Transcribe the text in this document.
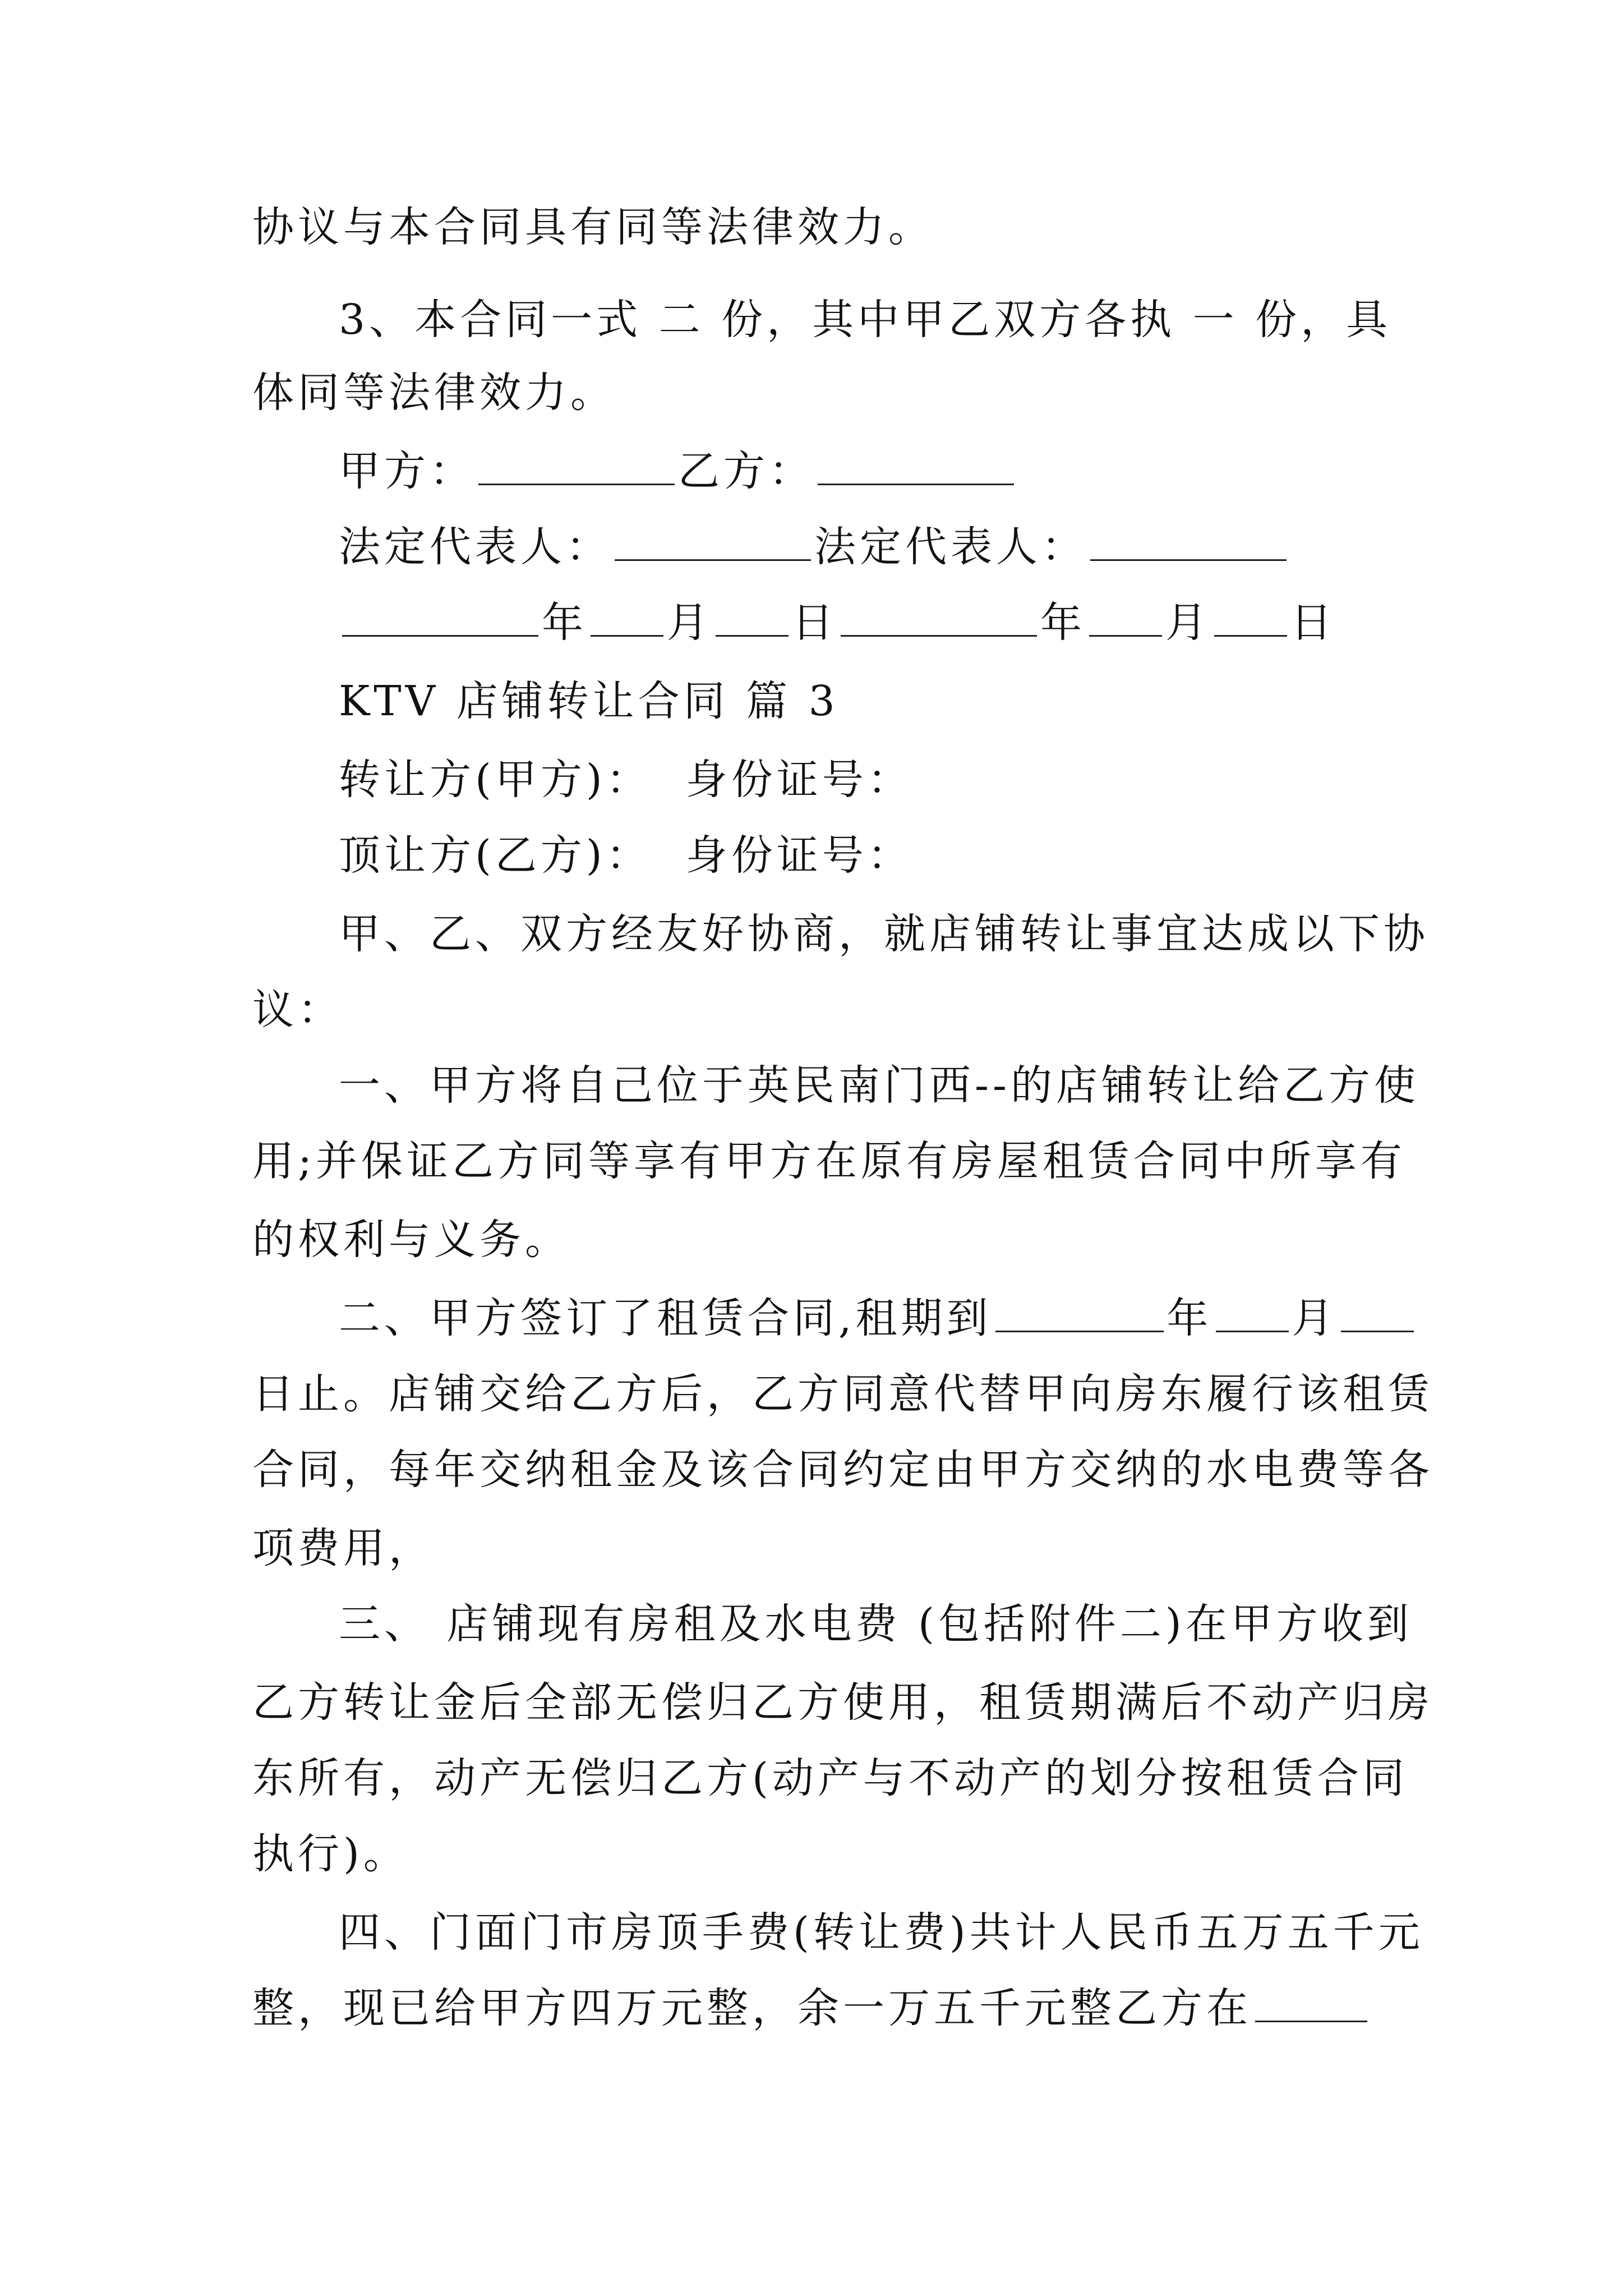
协议与本合同具有同等法律效力。

3、本合同一式 二 份，其中甲乙双方各执 一 份，具

体同等法律效力。

甲方：	乙方：

法定代表人：	法定代表人：

年 月 日	年 月 日

KTV 店铺转让合同 篇 3

转让方(甲方)：  身份证号：

顶让方(乙方)：  身份证号：

甲、乙、双方经友好协商，就店铺转让事宜达成以下协

议：

一、甲方将自己位于英民南门西--的店铺转让给乙方使

用;并保证乙方同等享有甲方在原有房屋租赁合同中所享有

的权利与义务。

二、甲方签订了租赁合同,租期到	年 月

日止。店铺交给乙方后，乙方同意代替甲向房东履行该租赁

合同，每年交纳租金及该合同约定由甲方交纳的水电费等各

项费用，

三、 店铺现有房租及水电费 (包括附件二)在甲方收到

乙方转让金后全部无偿归乙方使用，租赁期满后不动产归房

东所有，动产无偿归乙方(动产与不动产的划分按租赁合同

执行)。

四、门面门市房顶手费(转让费)共计人民币五万五千元

整，现已给甲方四万元整，余一万五千元整乙方在
